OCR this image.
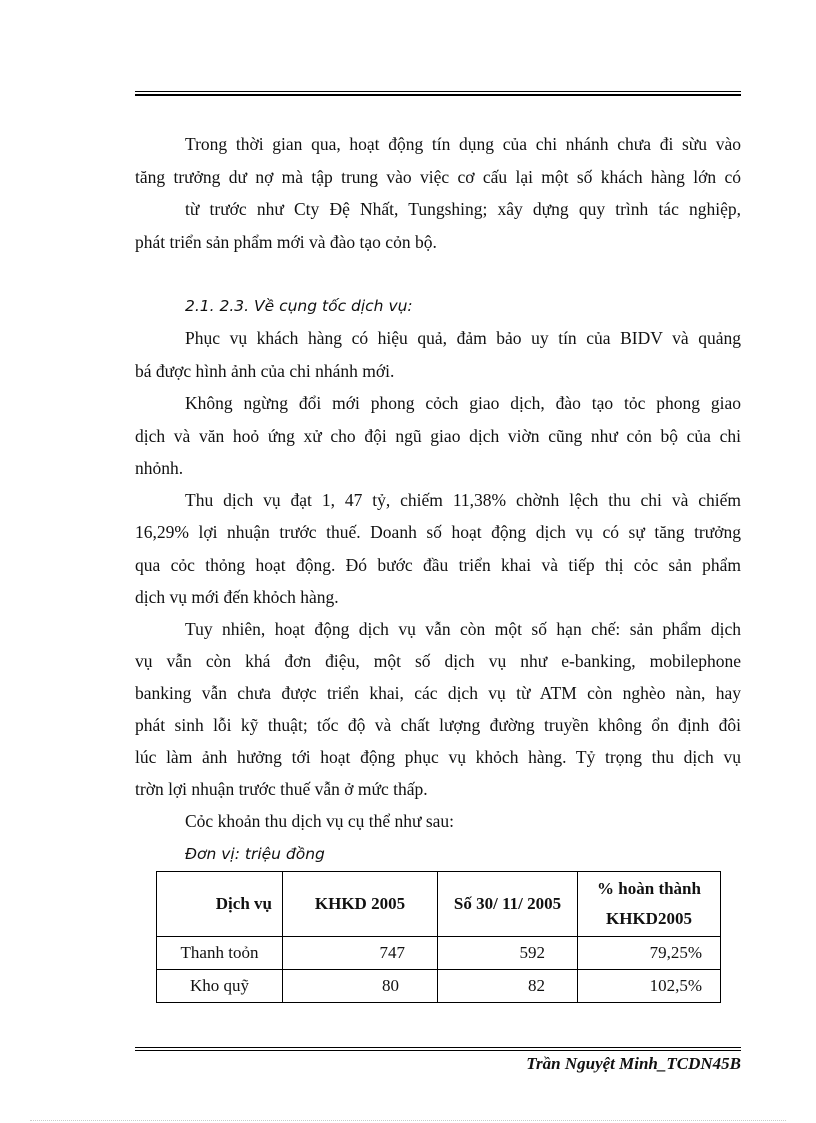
Trong thời gian qua, hoạt động tín dụng của chi nhánh chưa đi sừu vào
tăng trưởng dư nợ mà tập trung vào việc cơ cấu lại một số khách hàng lớn có
từ trước như Cty Đệ Nhất, Tungshing; xây dựng quy trình tác nghiệp,
phát triển sản phẩm mới và đào tạo cỏn bộ.
2.1. 2.3. Về cụng tốc dịch vụ:
Phục vụ khách hàng có hiệu quả, đảm bảo uy tín của BIDV và quảng
bá được hình ảnh của chi nhánh mới.
Không ngừng đổi mới phong cỏch giao dịch, đào tạo tỏc phong giao
dịch và văn hoỏ ứng xử cho đội ngũ giao dịch viờn cũng như cỏn bộ của chi
nhỏnh.
Thu dịch vụ đạt 1, 47 tỷ, chiếm 11,38% chờnh lệch thu chi và chiếm
16,29% lợi nhuận trước thuế. Doanh số hoạt động dịch vụ có sự tăng trưởng
qua cỏc thỏng hoạt động. Đó bước đầu triển khai và tiếp thị cỏc sản phẩm
dịch vụ mới đến khỏch hàng.
Tuy nhiên, hoạt động dịch vụ vẫn còn một số hạn chế: sản phẩm dịch
vụ vẫn còn khá đơn điệu, một số dịch vụ như e-banking, mobilephone
banking vẫn chưa được triển khai, các dịch vụ từ ATM còn nghèo nàn, hay
phát sinh lỗi kỹ thuật; tốc độ và chất lượng đường truyền không ổn định đôi
lúc làm ảnh hưởng tới hoạt động phục vụ khỏch hàng. Tỷ trọng thu dịch vụ
trờn lợi nhuận trước thuế vẫn ở mức thấp.
Cỏc khoản thu dịch vụ cụ thể như sau:
Đơn vị: triệu đồng
Dịch vụ	KHKD 2005	Số 30/ 11/ 2005	% hoàn thành
KHKD2005

Thanh toỏn	747	592	79,25%
Kho quỹ	80	82	102,5%
Trần Nguyệt Minh_TCDN45B
